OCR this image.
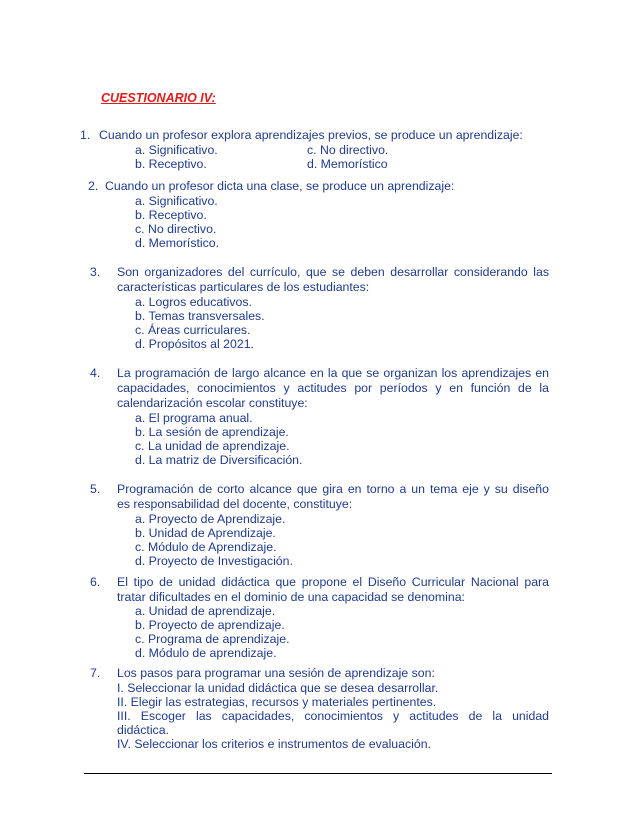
CUESTIONARIO IV:
1. Cuando un profesor explora aprendizajes previos, se produce un aprendizaje:
a. Significativo.	c. No directivo.
b. Receptivo.	d. Memorístico
2. Cuando un profesor dicta una clase, se produce un aprendizaje:
a. Significativo.
b. Receptivo.
c. No directivo.
d. Memorístico.
3. Son organizadores del currículo, que se deben desarrollar considerando las
características particulares de los estudiantes:
a. Logros educativos.
b. Temas transversales.
c. Áreas curriculares.
d. Propósitos al 2021.
4. La programación de largo alcance en la que se organizan los aprendizajes en
capacidades, conocimientos y actitudes por períodos y en función de la
calendarización escolar constituye:
a. El programa anual.
b. La sesión de aprendizaje.
c. La unidad de aprendizaje.
d. La matriz de Diversificación.
5. Programación de corto alcance que gira en torno a un tema eje y su diseño
es responsabilidad del docente, constituye:
a. Proyecto de Aprendizaje.
b. Unidad de Aprendizaje.
c. Módulo de Aprendizaje.
d. Proyecto de Investigación.
6. El tipo de unidad didáctica que propone el Diseño Curricular Nacional para
tratar dificultades en el dominio de una capacidad se denomina:
a. Unidad de aprendizaje.
b. Proyecto de aprendizaje.
c. Programa de aprendizaje.
d. Módulo de aprendizaje.
7. Los pasos para programar una sesión de aprendizaje son:
I. Seleccionar la unidad didáctica que se desea desarrollar.
II. Elegir las estrategias, recursos y materiales pertinentes.
III. Escoger las capacidades, conocimientos y actitudes de la unidad
didáctica.
IV. Seleccionar los criterios e instrumentos de evaluación.
